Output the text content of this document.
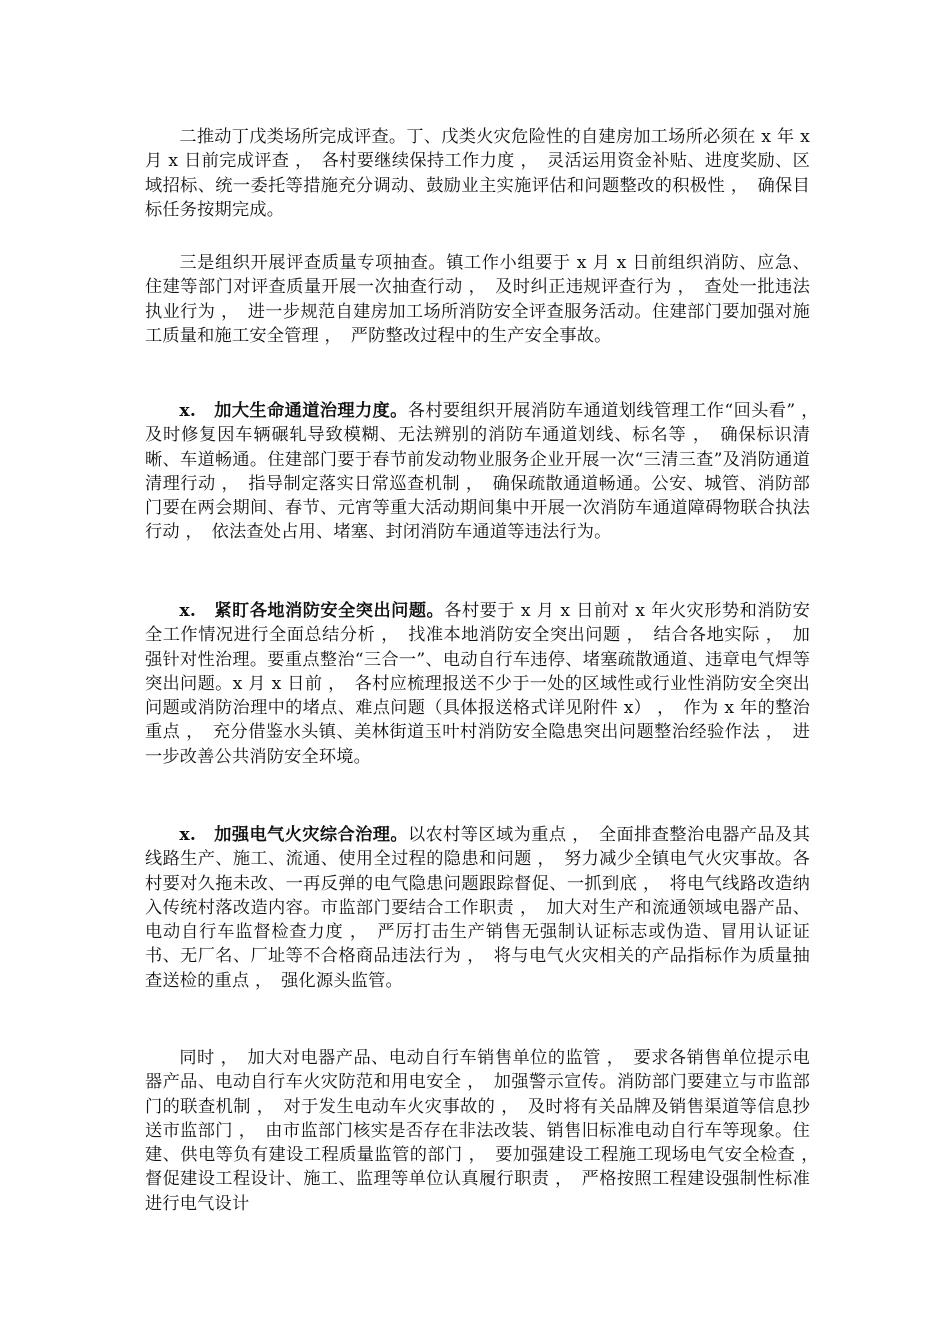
二推动丁戊类场所完成评查。丁、戊类火灾危险性的自建房加工场所必须在 x 年 x 月 x 日前完成评查 ，　各村要继续保持工作力度 ，　灵活运用资金补贴、进度奖励、区域招标、统一委托等措施充分调动、鼓励业主实施评估和问题整改的积极性 ，　确保目标任务按期完成。

三是组织开展评查质量专项抽查。镇工作小组要于 x 月 x 日前组织消防、应急、住建等部门对评查质量开展一次抽查行动 ，　及时纠正违规评查行为 ，　查处一批违法执业行为 ，　进一步规范自建房加工场所消防安全评查服务活动。住建部门要加强对施工质量和施工安全管理 ，　严防整改过程中的生产安全事故。

x. 加大生命通道治理力度。各村要组织开展消防车通道划线管理工作“回头看” ，　及时修复因车辆碾轧导致模糊、无法辨别的消防车通道划线、标名等 ，　确保标识清晰、车道畅通。住建部门要于春节前发动物业服务企业开展一次“三清三查”及消防通道清理行动 ，　指导制定落实日常巡查机制 ，　确保疏散通道畅通。公安、城管、消防部门要在两会期间、春节、元宵等重大活动期间集中开展一次消防车通道障碍物联合执法行动 ，　依法查处占用、堵塞、封闭消防车通道等违法行为。

x. 紧盯各地消防安全突出问题。各村要于 x 月 x 日前对 x 年火灾形势和消防安全工作情况进行全面总结分析 ，　找准本地消防安全突出问题 ，　结合各地实际 ，　加强针对性治理。要重点整治“三合一”、电动自行车违停、堵塞疏散通道、违章电气焊等突出问题。x 月 x 日前 ，　各村应梳理报送不少于一处的区域性或行业性消防安全突出问题或消防治理中的堵点、难点问题（具体报送格式详见附件 x） ，　作为 x 年的整治重点 ，　充分借鉴水头镇、美林街道玉叶村消防安全隐患突出问题整治经验作法 ，　进一步改善公共消防安全环境。

x. 加强电气火灾综合治理。以农村等区域为重点 ，　全面排查整治电器产品及其线路生产、施工、流通、使用全过程的隐患和问题 ，　努力减少全镇电气火灾事故。各村要对久拖未改、一再反弹的电气隐患问题跟踪督促、一抓到底 ，　将电气线路改造纳入传统村落改造内容。市监部门要结合工作职责 ，　加大对生产和流通领域电器产品、电动自行车监督检查力度 ，　严厉打击生产销售无强制认证标志或伪造、冒用认证证书、无厂名、厂址等不合格商品违法行为 ，　将与电气火灾相关的产品指标作为质量抽查送检的重点 ，　强化源头监管。

同时 ，　加大对电器产品、电动自行车销售单位的监管 ，　要求各销售单位提示电器产品、电动自行车火灾防范和用电安全 ，　加强警示宣传。消防部门要建立与市监部门的联查机制 ，　对于发生电动车火灾事故的 ，　及时将有关品牌及销售渠道等信息抄送市监部门 ，　由市监部门核实是否存在非法改装、销售旧标准电动自行车等现象。住建、供电等负有建设工程质量监管的部门 ，　要加强建设工程施工现场电气安全检查 ，　督促建设工程设计、施工、监理等单位认真履行职责 ，　严格按照工程建设强制性标准进行电气设计
